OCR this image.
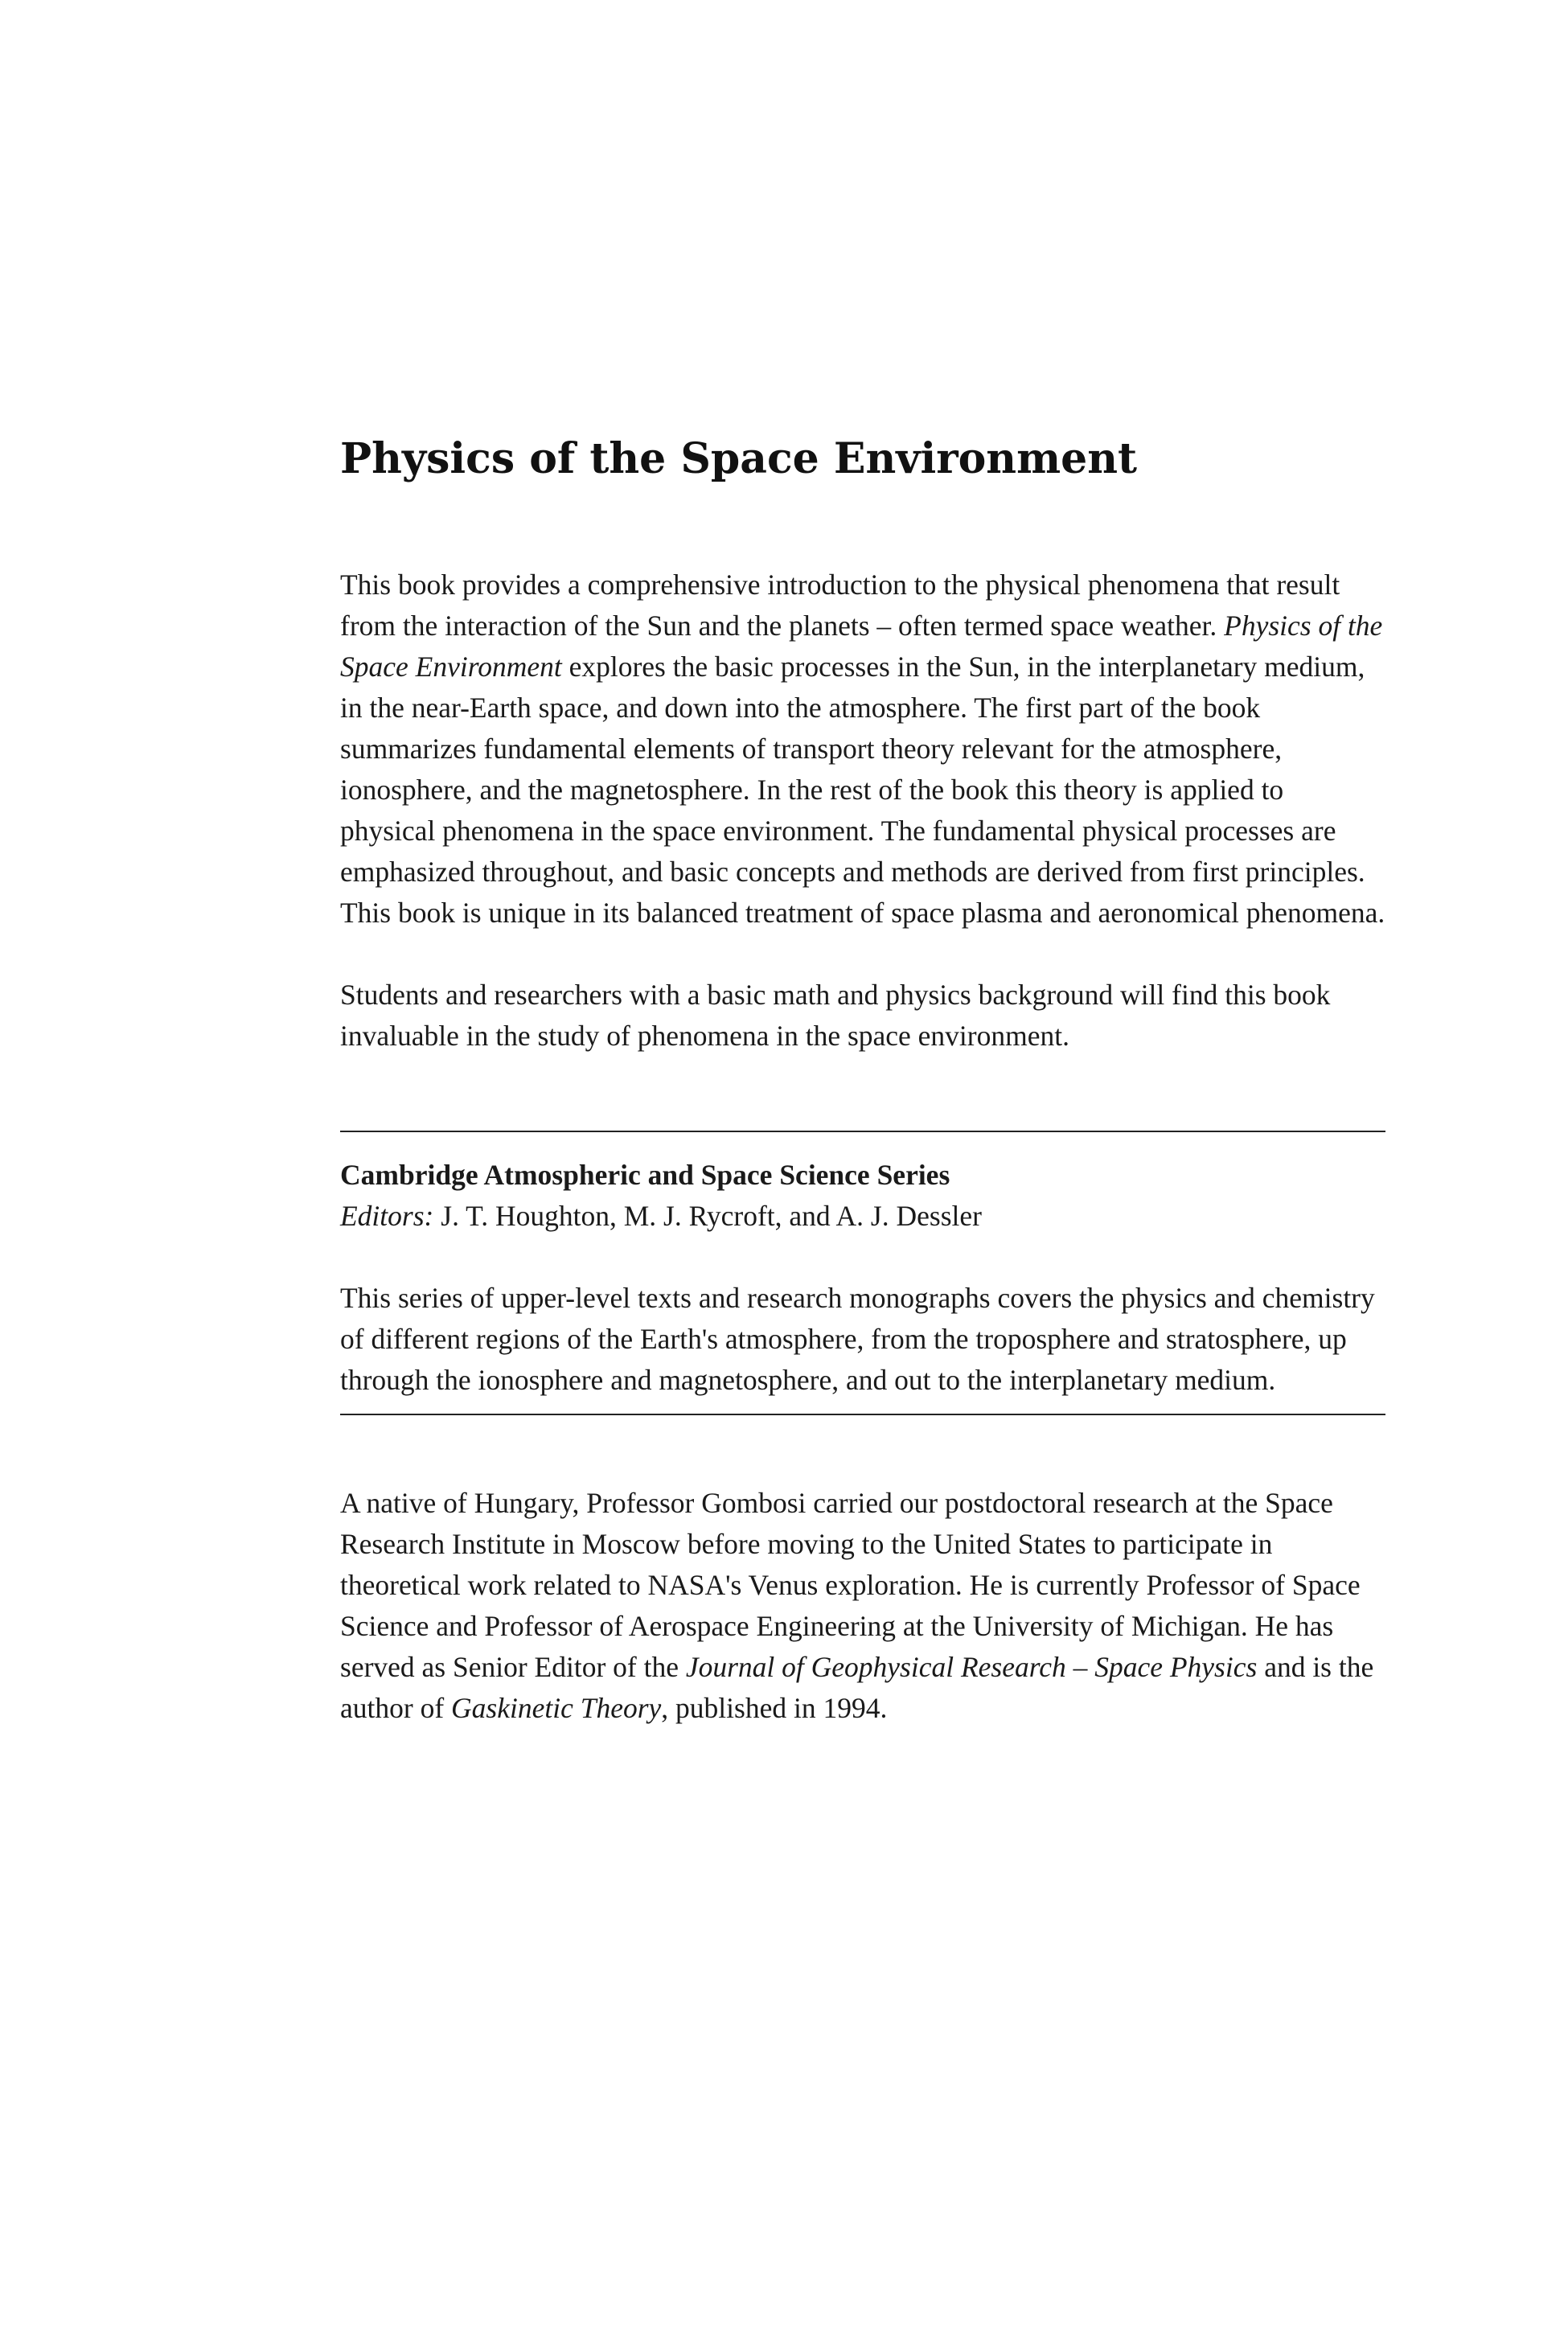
Physics of the Space Environment

This book provides a comprehensive introduction to the physical phenomena that result from the interaction of the Sun and the planets – often termed space weather. Physics of the Space Environment explores the basic processes in the Sun, in the interplanetary medium, in the near-Earth space, and down into the atmosphere. The first part of the book summarizes fundamental elements of transport theory relevant for the atmosphere, ionosphere, and the magnetosphere. In the rest of the book this theory is applied to physical phenomena in the space environment. The fundamental physical processes are emphasized throughout, and basic concepts and methods are derived from first principles. This book is unique in its balanced treatment of space plasma and aeronomical phenomena.

Students and researchers with a basic math and physics background will find this book invaluable in the study of phenomena in the space environment.

Cambridge Atmospheric and Space Science Series

Editors: J. T. Houghton, M. J. Rycroft, and A. J. Dessler

This series of upper-level texts and research monographs covers the physics and chemistry of different regions of the Earth's atmosphere, from the troposphere and stratosphere, up through the ionosphere and magnetosphere, and out to the interplanetary medium.

A native of Hungary, Professor Gombosi carried our postdoctoral research at the Space Research Institute in Moscow before moving to the United States to participate in theoretical work related to NASA's Venus exploration. He is currently Professor of Space Science and Professor of Aerospace Engineering at the University of Michigan. He has served as Senior Editor of the Journal of Geophysical Research – Space Physics and is the author of Gaskinetic Theory, published in 1994.
